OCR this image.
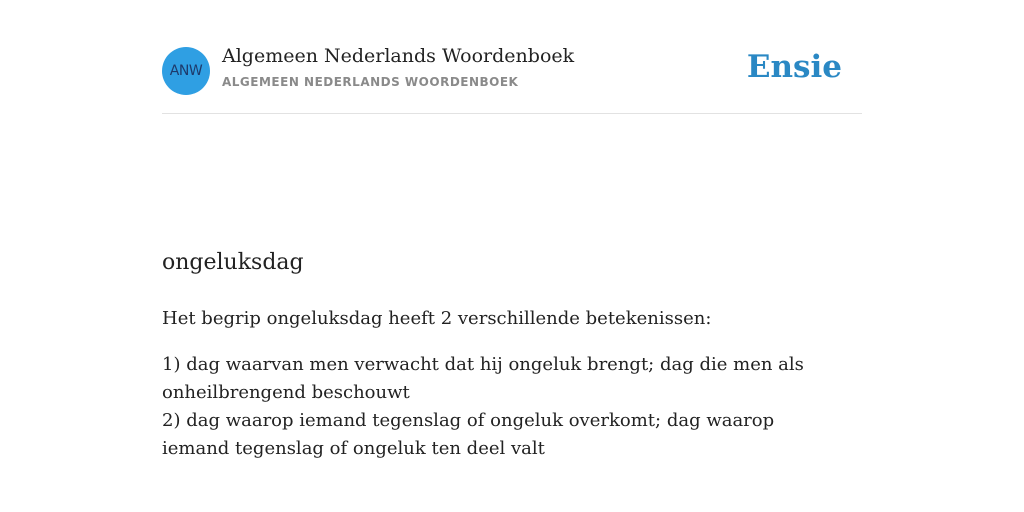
ANW
Algemeen Nederlands Woordenboek
ALGEMEEN NEDERLANDS WOORDENBOEK	Ensie
ongeluksdag

Het begrip ongeluksdag heeft 2 verschillende betekenissen:

1) dag waarvan men verwacht dat hij ongeluk brengt; dag die men als onheilbrengend beschouwt
2) dag waarop iemand tegenslag of ongeluk overkomt; dag waarop iemand tegenslag of ongeluk ten deel valt
